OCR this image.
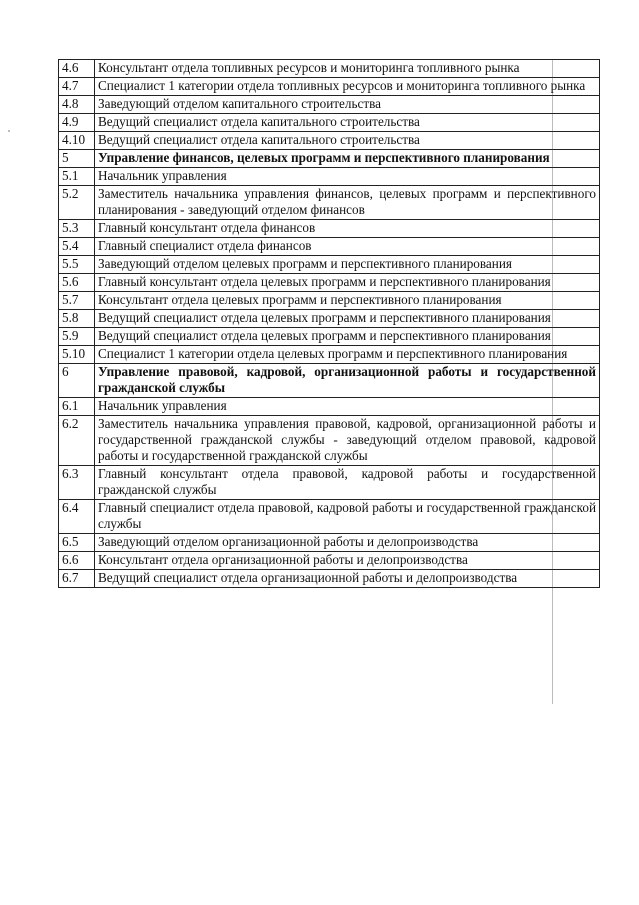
4.6	Консультант отдела топливных ресурсов и мониторинга топливного рынка
4.7	Специалист 1 категории отдела топливных ресурсов и мониторинга топливного рынка
4.8	Заведующий отделом капитального строительства
4.9	Ведущий специалист отдела капитального строительства
4.10	Ведущий специалист отдела капитального строительства
5	Управление финансов, целевых программ и перспективного планирования
5.1	Начальник управления
5.2	Заместитель начальника управления финансов, целевых программ и перспективного планирования - заведующий отделом финансов
5.3	Главный консультант отдела финансов
5.4	Главный специалист отдела финансов
5.5	Заведующий отделом целевых программ и перспективного планирования
5.6	Главный консультант отдела целевых программ и перспективного планирования
5.7	Консультант отдела целевых программ и перспективного планирования
5.8	Ведущий специалист отдела целевых программ и перспективного планирования
5.9	Ведущий специалист отдела целевых программ и перспективного планирования
5.10	Специалист 1 категории отдела целевых программ и перспективного планирования
6	Управление правовой, кадровой, организационной работы и государственной гражданской службы
6.1	Начальник управления
6.2	Заместитель начальника управления правовой, кадровой, организационной работы и государственной гражданской службы - заведующий отделом правовой, кадровой работы и государственной гражданской службы
6.3	Главный консультант отдела правовой, кадровой работы и государственной гражданской службы
6.4	Главный специалист отдела правовой, кадровой работы и государственной гражданской службы
6.5	Заведующий отделом организационной работы и делопроизводства
6.6	Консультант отдела организационной работы и делопроизводства
6.7	Ведущий специалист отдела организационной работы и делопроизводства
